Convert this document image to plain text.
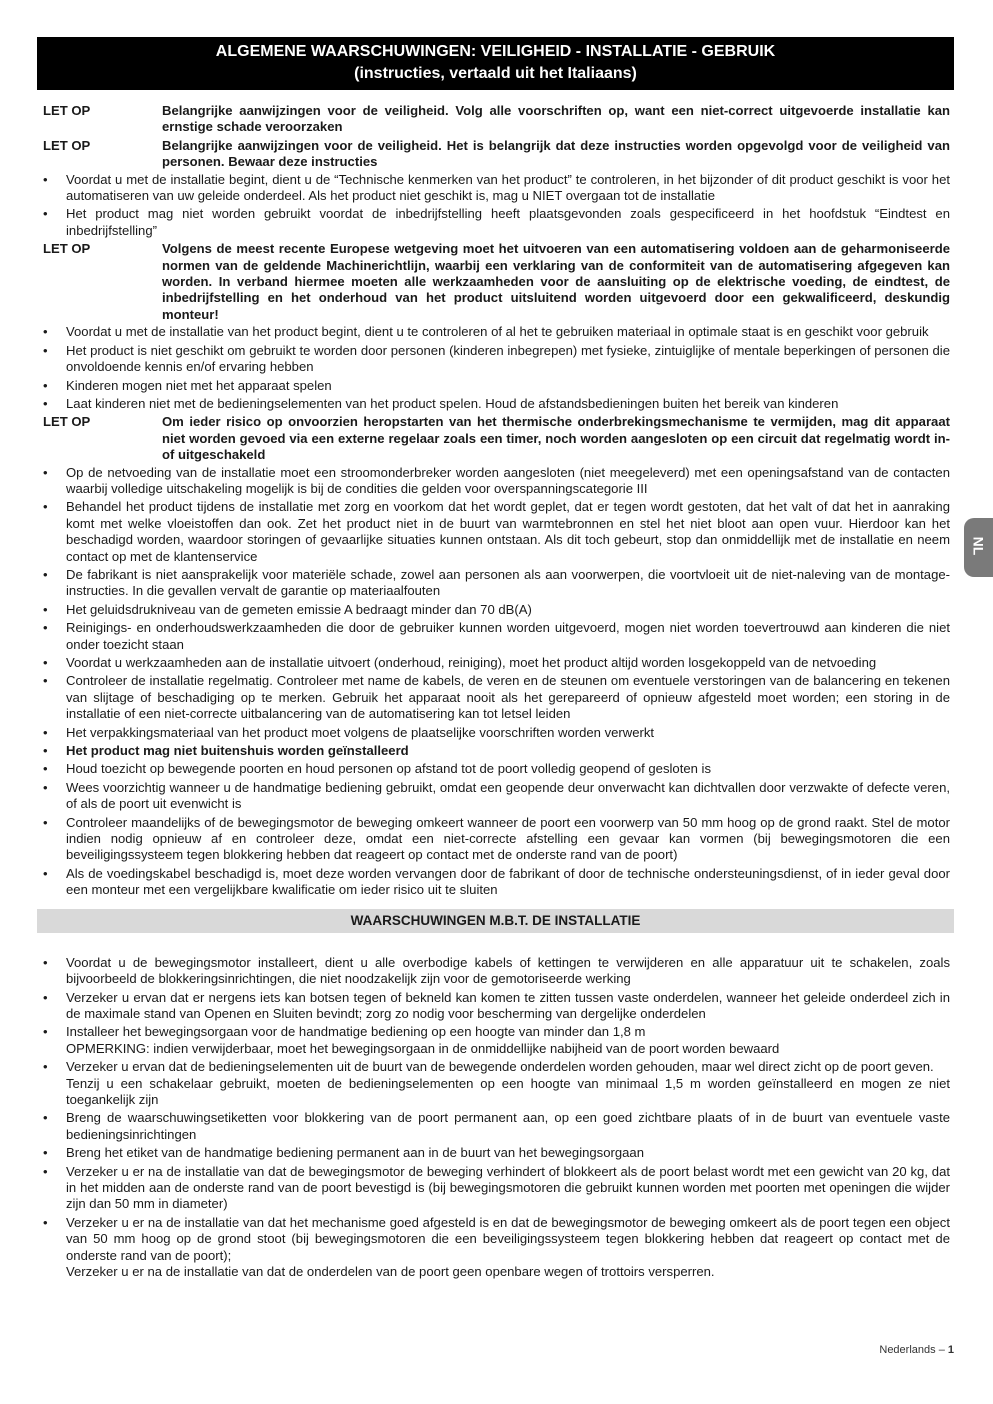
ALGEMENE WAARSCHUWINGEN: VEILIGHEID - INSTALLATIE - GEBRUIK
(instructies, vertaald uit het Italiaans)
LET OP	Belangrijke aanwijzingen voor de veiligheid. Volg alle voorschriften op, want een niet-correct uitgevoerde installatie kan ernstige schade veroorzaken
LET OP	Belangrijke aanwijzingen voor de veiligheid. Het is belangrijk dat deze instructies worden opgevolgd voor de veiligheid van personen. Bewaar deze instructies
•	Voordat u met de installatie begint, dient u de “Technische kenmerken van het product” te controleren, in het bijzonder of dit product geschikt is voor het automatiseren van uw geleide onderdeel. Als het product niet geschikt is, mag u NIET overgaan tot de installatie
•	Het product mag niet worden gebruikt voordat de inbedrijfstelling heeft plaatsgevonden zoals gespecificeerd in het hoofdstuk “Eindtest en inbedrijfstelling”
LET OP	Volgens de meest recente Europese wetgeving moet het uitvoeren van een automatisering voldoen aan de geharmoniseerde normen van de geldende Machinerichtlijn, waarbij een verklaring van de conformiteit van de automatisering afgegeven kan worden. In verband hiermee moeten alle werkzaamheden voor de aansluiting op de elektrische voeding, de eindtest, de inbedrijfstelling en het onderhoud van het product uitsluitend worden uitgevoerd door een gekwalificeerd, deskundig monteur!
•	Voordat u met de installatie van het product begint, dient u te controleren of al het te gebruiken materiaal in optimale staat is en geschikt voor gebruik
•	Het product is niet geschikt om gebruikt te worden door personen (kinderen inbegrepen) met fysieke, zintuiglijke of mentale beperkingen of personen die onvoldoende kennis en/of ervaring hebben
•	Kinderen mogen niet met het apparaat spelen
•	Laat kinderen niet met de bedieningselementen van het product spelen. Houd de afstandsbedieningen buiten het bereik van kinderen
LET OP	Om ieder risico op onvoorzien heropstarten van het thermische onderbrekingsmechanisme te vermijden, mag dit apparaat niet worden gevoed via een externe regelaar zoals een timer, noch worden aangesloten op een circuit dat regelmatig wordt in- of uitgeschakeld
•	Op de netvoeding van de installatie moet een stroomonderbreker worden aangesloten (niet meegeleverd) met een openingsafstand van de contacten waarbij volledige uitschakeling mogelijk is bij de condities die gelden voor overspanningscategorie III
•	Behandel het product tijdens de installatie met zorg en voorkom dat het wordt geplet, dat er tegen wordt gestoten, dat het valt of dat het in aanraking komt met welke vloeistoffen dan ook. Zet het product niet in de buurt van warmtebronnen en stel het niet bloot aan open vuur. Hierdoor kan het beschadigd worden, waardoor storingen of gevaarlijke situaties kunnen ontstaan. Als dit toch gebeurt, stop dan onmiddellijk met de installatie en neem contact op met de klantenservice
•	De fabrikant is niet aansprakelijk voor materiële schade, zowel aan personen als aan voorwerpen, die voortvloeit uit de niet-naleving van de montage-instructies. In die gevallen vervalt de garantie op materiaalfouten
•	Het geluidsdrukniveau van de gemeten emissie A bedraagt minder dan 70 dB(A)
•	Reinigings- en onderhoudswerkzaamheden die door de gebruiker kunnen worden uitgevoerd, mogen niet worden toevertrouwd aan kinderen die niet onder toezicht staan
•	Voordat u werkzaamheden aan de installatie uitvoert (onderhoud, reiniging), moet het product altijd worden losgekoppeld van de netvoeding
•	Controleer de installatie regelmatig. Controleer met name de kabels, de veren en de steunen om eventuele verstoringen van de balancering en tekenen van slijtage of beschadiging op te merken. Gebruik het apparaat nooit als het gerepareerd of opnieuw afgesteld moet worden; een storing in de installatie of een niet-correcte uitbalancering van de automatisering kan tot letsel leiden
•	Het verpakkingsmateriaal van het product moet volgens de plaatselijke voorschriften worden verwerkt
•	Het product mag niet buitenshuis worden geïnstalleerd
•	Houd toezicht op bewegende poorten en houd personen op afstand tot de poort volledig geopend of gesloten is
•	Wees voorzichtig wanneer u de handmatige bediening gebruikt, omdat een geopende deur onverwacht kan dichtvallen door verzwakte of defecte veren, of als de poort uit evenwicht is
•	Controleer maandelijks of de bewegingsmotor de beweging omkeert wanneer de poort een voorwerp van 50 mm hoog op de grond raakt. Stel de motor indien nodig opnieuw af en controleer deze, omdat een niet-correcte afstelling een gevaar kan vormen (bij bewegingsmotoren die een beveiligingssysteem tegen blokkering hebben dat reageert op contact met de onderste rand van de poort)
•	Als de voedingskabel beschadigd is, moet deze worden vervangen door de fabrikant of door de technische ondersteuningsdienst, of in ieder geval door een monteur met een vergelijkbare kwalificatie om ieder risico uit te sluiten
WAARSCHUWINGEN M.B.T. DE INSTALLATIE
•	Voordat u de bewegingsmotor installeert, dient u alle overbodige kabels of kettingen te verwijderen en alle apparatuur uit te schakelen, zoals bijvoorbeeld de blokkeringsinrichtingen, die niet noodzakelijk zijn voor de gemotoriseerde werking
•	Verzeker u ervan dat er nergens iets kan botsen tegen of bekneld kan komen te zitten tussen vaste onderdelen, wanneer het geleide onderdeel zich in de maximale stand van Openen en Sluiten bevindt; zorg zo nodig voor bescherming van dergelijke onderdelen
•	Installeer het bewegingsorgaan voor de handmatige bediening op een hoogte van minder dan 1,8 m
OPMERKING: indien verwijderbaar, moet het bewegingsorgaan in de onmiddellijke nabijheid van de poort worden bewaard
•	Verzeker u ervan dat de bedieningselementen uit de buurt van de bewegende onderdelen worden gehouden, maar wel direct zicht op de poort geven.
Tenzij u een schakelaar gebruikt, moeten de bedieningselementen op een hoogte van minimaal 1,5 m worden geïnstalleerd en mogen ze niet toegankelijk zijn
•	Breng de waarschuwingsetiketten voor blokkering van de poort permanent aan, op een goed zichtbare plaats of in de buurt van eventuele vaste bedieningsinrichtingen
•	Breng het etiket van de handmatige bediening permanent aan in de buurt van het bewegingsorgaan
•	Verzeker u er na de installatie van dat de bewegingsmotor de beweging verhindert of blokkeert als de poort belast wordt met een gewicht van 20 kg, dat in het midden aan de onderste rand van de poort bevestigd is (bij bewegingsmotoren die gebruikt kunnen worden met poorten met openingen die wijder zijn dan 50 mm in diameter)
•	Verzeker u er na de installatie van dat het mechanisme goed afgesteld is en dat de bewegingsmotor de beweging omkeert als de poort tegen een object van 50 mm hoog op de grond stoot (bij bewegingsmotoren die een beveiligingssysteem tegen blokkering hebben dat reageert op contact met de onderste rand van de poort);
Verzeker u er na de installatie van dat de onderdelen van de poort geen openbare wegen of trottoirs versperren.
NL
Nederlands – 1
